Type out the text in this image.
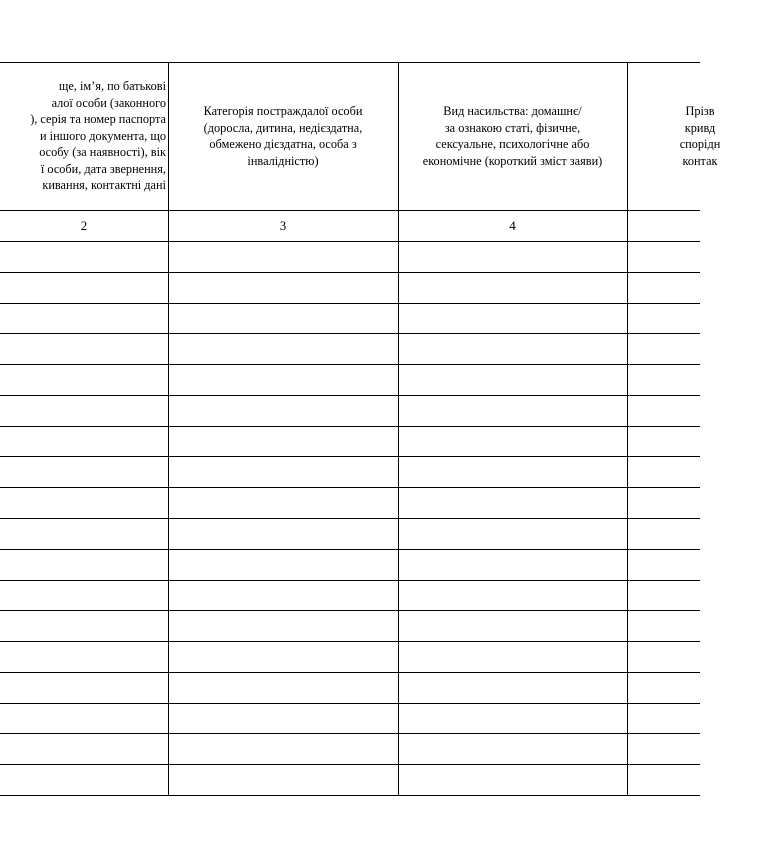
ще, ім’я, по батькові
алої особи (законного
), серія та номер паспорта
и іншого документа, що
особу (за наявності), вік
ї особи, дата звернення,
кивання, контактні дані
Категорія постраждалої особи
(доросла, дитина, недієздатна,
обмежено дієздатна, особа з
інвалідністю)
Вид насильства: домашнє/
за ознакою статі, фізичне,
сексуальне, психологічне або
економічне (короткий зміст заяви)
Прізв
кривд
спорідн
контак
2	3	4
